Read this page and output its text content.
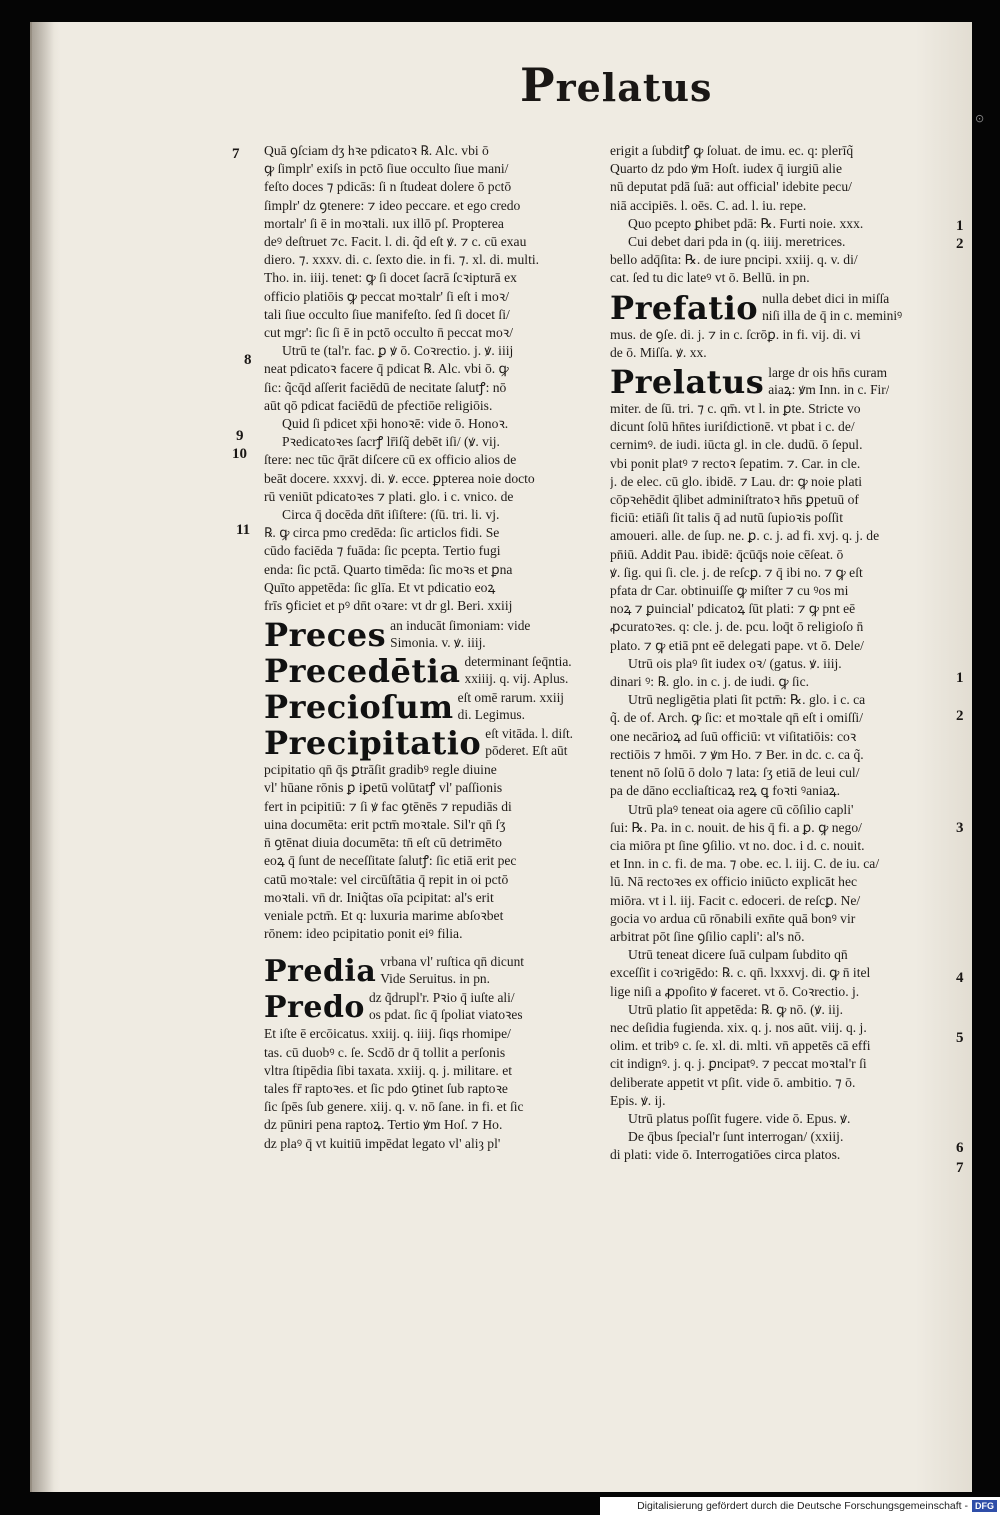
⊙
Prelatus
7
8
9
10
11
1
2
1
2
3
4
5
6
7
Quā ꝯſciam dʒ hꝛe pdicatoꝛ ℞. Alc. vbi ō
ꝙ ſimplr' exiſs in pctō ſiue occulto ſiue mani/
feſto doces ⁊ pdicās: ſi n ſtudeat dolere ō pctō
ſimplr' dz ꝯtenere: ⁊ ideo peccare. et ego credo
mortalr' ſi ē in moꝛtali. ıux illō pſ. Propterea
deꝰ deſtruet ⁊c. Facit. l. di. q̃d eſt ꝟ. ⁊ c. cū exau
diero. ⁊. xxxv. di. c. ſexto die. in fi. ⁊. xl. di. multi.
Tho. in. iiij. tenet: ꝙ ſi docet ſacrā ſcꝛipturā ex
officio platiōis ꝙ peccat moꝛtalr' ſi eſt i moꝛ/
tali ſiue occulto ſiue manifeſto. ſed ſi docet ſi/
cut mgr': ſic ſi ē in pctō occulto n̄ peccat moꝛ/
Utrū te (tal'r. fac. ꝑ ꝟ ō. Coꝛrectio. j. ꝟ. iiij
neat pdicatoꝛ facere q̄ pdicat ℞. Alc. vbi ō. ꝙ
ſic: q̃cq̄d aſſerit faciēdū de necitate ſalutꝭ: nō
aūt qō pdicat faciēdū de pfectiōe religiōis.
Quid ſi pdicet xp̄i honoꝛē: vide ō. Honoꝛ.
Pꝛedicatoꝛes ſacrꝭ lr̄iſq̃ debēt iſi/ (ꝟ. vij.
ſtere: nec tūc q̄rāt diſcere cū ex officio alios de
beāt docere. xxxvj. di. ꝟ. ecce. ꝑpterea noie docto
rū veniūt pdicatoꝛes ⁊ plati. glo. i c. vnico. de
Circa q̄ docēda dn̄t iſiſtere: (ſū. tri. li. vj.
℞. ꝙ circa pmo credēda: ſic articlos fidi. Se
cūdo faciēda ⁊ fuāda: ſic pcepta. Tertio fugi
enda: ſic pctā. Quarto timēda: ſic moꝛs et ꝑna
Quīto appetēda: ſic glīa. Et vt pdicatio eoꝝ
frīs ꝯficiet et pꝰ dn̄t oꝛare: vt dr gl. Beri. xxiij
Preces an inducāt ſimoniam: vide
Simonia. v. ꝟ. iiij.
Precedētia determinant ſeq̄ntia.
xxiiij. q. vij. Aplus.
Precioſum eſt omē rarum. xxiij
di. Legimus.
Precipitatio eſt vitāda. l. diſt.
pōderet. Eſt aūt
pcipitatio qn̄ q̄s ꝑtrāſit gradibꝰ regle diuine
vl' hūane rōnis ꝑ iꝑetū volūtatꝭ vl' paſſionis
fert in pcipitiū: ⁊ ſi ꝟ fac ꝯtēnēs ⁊ repudiās di
uina documēta: erit pctm̄ moꝛtale. Sil'r qn̄ ſʒ
n̄ ꝯtēnat diuia documēta: tn̄ eſt cū detrimēto
eoꝝ q̄ ſunt de neceſſitate ſalutꝭ: ſic etiā erit pec
catū moꝛtale: vel circūſtātia q̄ repit in oi pctō
moꝛtali. vn̄ dr. Iniq̃tas oīa pcipitat: al's erit
veniale pctm̄. Et q: luxuria marime abſoꝛbet
rōnem: ideo pcipitatio ponit eiꝰ filia.
Predia vrbana vl' ruſtica qn̄ dicunt
Vide Seruitus. in pn.
Predo dz q̃drupl'r. Pꝛio q̄ iuſte ali/
os pdat. ſic q̄ ſpoliat viatoꝛes
Et iſte ē ercōicatus. xxiij. q. iiij. ſiqs rhomipe/
tas. cū duobꝰ c. ſe. Scdō dr q̄ tollit a perſonis
vltra ſtipēdia ſibi taxata. xxiij. q. j. militare. et
tales fr̄ raptoꝛes. et ſic pdo ꝯtinet ſub raptoꝛe
ſic ſpēs ſub genere. xiij. q. v. nō ſane. in fi. et ſic
dz pūniri pena raptoꝝ. Tertio ꝟm Hoſ. ⁊ Ho.
dz plaꝰ q̄ vt kuitiū impēdat legato vl' aliȝ pl'
erigit a ſubditꝭ ꝙ ſoluat. de imu. ec. q: plerīq̃
Quarto dz pdo ꝟm Hoſt. iudex q̄ iurgiū alie
nū deputat pdā ſuā: aut official' idebite pecu/
niā accipiēs. l. oēs. C. ad. l. iu. repe.
Quo pcepto ꝑhibet pdā: ℞. Furti noie. xxx.
Cui debet dari pda in (q. iiij. meretrices.
bello adq̄ſita: ℞. de iure pncipi. xxiij. q. v. di/
cat. ſed tu dic lateꝰ vt ō. Bellū. in pn.
Prefatio nulla debet dici in miſſa
niſi illa de q̄ in c. meminiꝰ
mus. de ꝯſe. di. j. ⁊ in c. ſcrōꝑ. in fi. vij. di. vi
de ō. Miſſa. ꝟ. xx.
Prelatus large dr ois hn̄s curam
aiaꝝ: ꝟm Inn. in c. Fir/
miter. de ſū. tri. ⁊ c. qm̄. vt l. in ꝑte. Stricte vo
dicunt ſolū hn̄tes iuriſdictionē. vt pbat i c. de/
cernimꝰ. de iudi. iūcta gl. in cle. dudū. ō ſepul.
vbi ponit platꝰ ⁊ rectoꝛ ſepatim. ⁊. Car. in cle.
j. de elec. cū glo. ibidē. ⁊ Lau. dr: ꝙ noie plati
cōpꝛehēdit q̄libet adminiſtratoꝛ hn̄s ꝑpetuū of
ficiū: etiāſi ſit talis q̄ ad nutū ſupioꝛis poſſit
amoueri. alle. de ſup. ne. ꝑ. c. j. ad fi. xvj. q. j. de
pn̄iū. Addit Pau. ibidē: q̄cūq̄s noie cēſeat. ō
ꝟ. ſig. qui ſi. cle. j. de reſcꝑ. ⁊ q̄ ibi no. ⁊ ꝙ eſt
pfata dr Car. obtinuiſſe ꝙ miſter ⁊ cu ꝰos mi
noꝝ ⁊ ꝑuincial' pdicatoꝝ ſūt plati: ⁊ ꝙ pnt eē
ꝓcuratoꝛes. q: cle. j. de. pcu. loq̄t ō religioſo n̄
plato. ⁊ ꝙ etiā pnt eē delegati pape. vt ō. Dele/
Utrū ois plaꝰ ſit iudex oꝛ/ (gatus. ꝟ. iiij.
dinari ꝰ: ℞. glo. in c. j. de iudi. ꝙ ſic.
Utrū negligētia plati ſit pctm̄: ℞. glo. i c. ca
q̃. de of. Arch. ꝙ ſic: et moꝛtale qn̄ eſt i omiſſi/
one necārioꝝ ad ſuū officiū: vt viſitatiōis: coꝛ
rectiōis ⁊ hmōi. ⁊ ꝟm Ho. ⁊ Ber. in dc. c. ca q̃.
tenent nō ſolū ō dolo ⁊ lata: ſʒ etiā de leui cul/
pa de dāno eccliaſticaꝝ reꝝ ꝗ foꝛti ꝰaniaꝝ.
Utrū plaꝰ teneat oia agere cū cōſilio capli'
ſui: ℞. Pa. in c. nouit. de his q̄ fi. a ꝑ. ꝙ nego/
cia miōra pt ſine ꝯſilio. vt no. doc. i d. c. nouit.
et Inn. in c. fi. de ma. ⁊ obe. ec. l. iij. C. de iu. ca/
lū. Nā rectoꝛes ex officio iniūcto explicāt hec
miōra. vt i l. iij. Facit c. edoceri. de reſcꝑ. Ne/
gocia vo ardua cū rōnabili exn̄te quā bonꝰ vir
arbitrat pōt ſine ꝯſilio capli': al's nō.
Utrū teneat dicere ſuā culpam ſubdito qn̄
exceſſit i coꝛrigēdo: ℞. c. qn̄. lxxxvj. di. ꝙ n̄ itel
lige niſi a ꝓpoſito ꝟ faceret. vt ō. Coꝛrectio. j.
Utrū platio ſit appetēda: ℞. ꝙ nō. (ꝟ. iij.
nec deſidia fugienda. xix. q. j. nos aūt. viij. q. j.
olim. et tribꝰ c. ſe. xl. di. mlti. vn̄ appetēs cā effi
cit indignꝰ. j. q. j. ꝑncipatꝰ. ⁊ peccat moꝛtal'r ſi
deliberate appetit vt pſit. vide ō. ambitio. ⁊ ō.
Epis. ꝟ. ij.
Utrū platus poſſit fugere. vide ō. Epus. ꝟ.
De q̄bus ſpecial'r ſunt interrogan/ (xxiij.
di plati: vide ō. Interrogatiōes circa platos.
Digitalisierung gefördert durch die Deutsche Forschungsgemeinschaft - DFG
